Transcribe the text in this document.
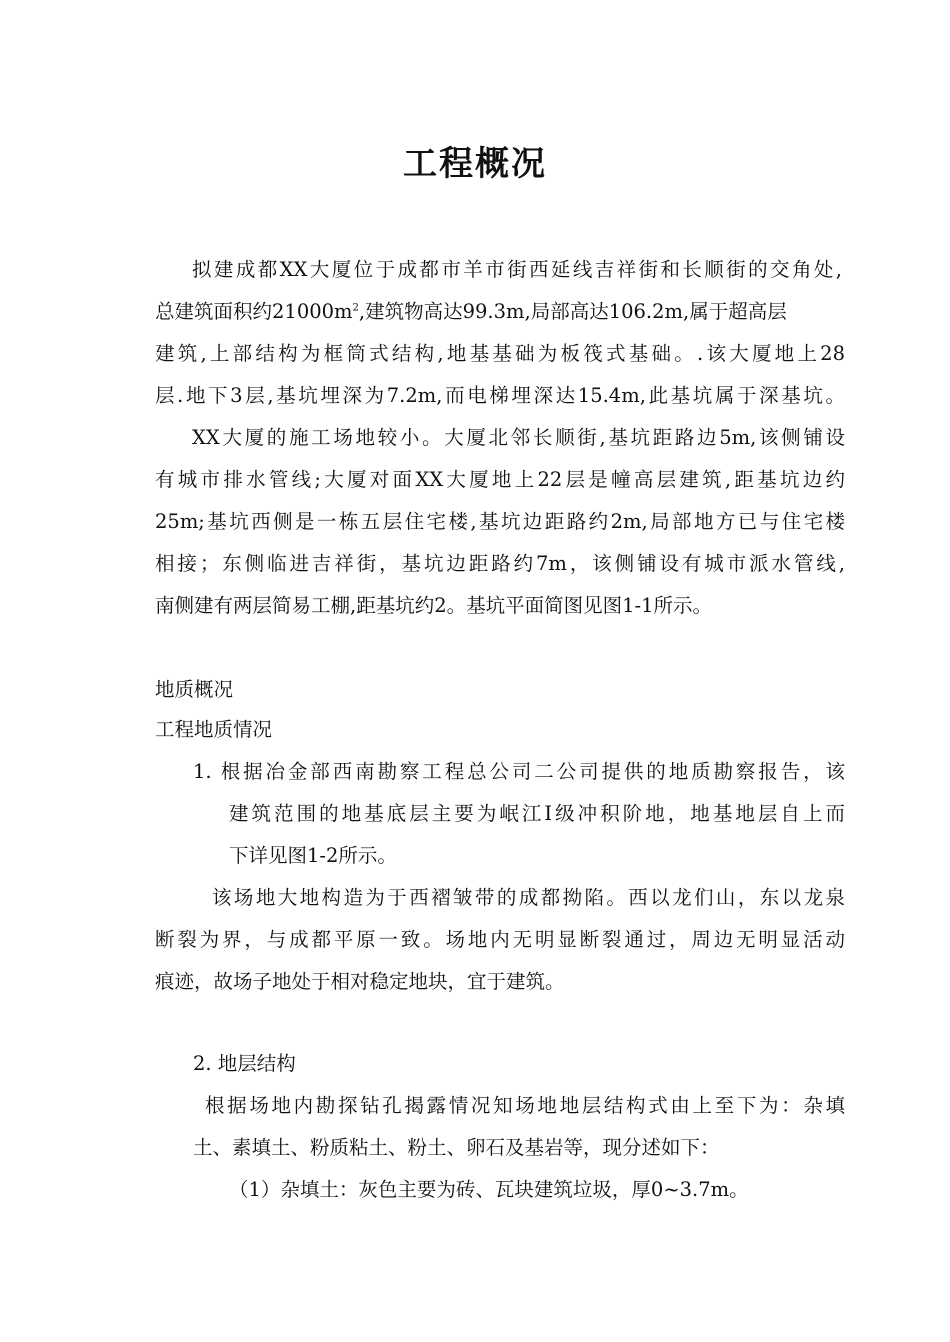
工程概况
拟建成都XX大厦位于成都市羊市街西延线吉祥街和长顺街的交角处,
总建筑面积约$21000m^2$,建筑物高达99.3m,局部高达106.2m,属于超高层
建筑,上部结构为框筒式结构,地基基础为板筏式基础。.该大厦地上28
层.地下3层,基坑埋深为7.2m,而电梯埋深达15.4m,此基坑属于深基坑。
XX大厦的施工场地较小。大厦北邻长顺街,基坑距路边5m,该侧铺设
有城市排水管线;大厦对面XX大厦地上22层是幢高层建筑,距基坑边约
25m;基坑西侧是一栋五层住宅楼,基坑边距路约2m,局部地方已与住宅楼
相接；东侧临进吉祥街，基坑边距路约7m，该侧铺设有城市派水管线,
南侧建有两层简易工棚,距基坑约2。基坑平面简图见图1-1所示。
地质概况
工程地质情况
1. 根据冶金部西南勘察工程总公司二公司提供的地质勘察报告，该
建筑范围的地基底层主要为岷江Ⅰ级冲积阶地，地基地层自上而
下详见图1-2所示。
该场地大地构造为于西褶皱带的成都拗陷。西以龙们山，东以龙泉
断裂为界，与成都平原一致。场地内无明显断裂通过，周边无明显活动
痕迹，故场子地处于相对稳定地块，宜于建筑。
2. 地层结构
根据场地内勘探钻孔揭露情况知场地地层结构式由上至下为：杂填
土、素填土、粉质粘土、粉土、卵石及基岩等，现分述如下：
（1）杂填土：灰色主要为砖、瓦块建筑垃圾，厚0~3.7m。
